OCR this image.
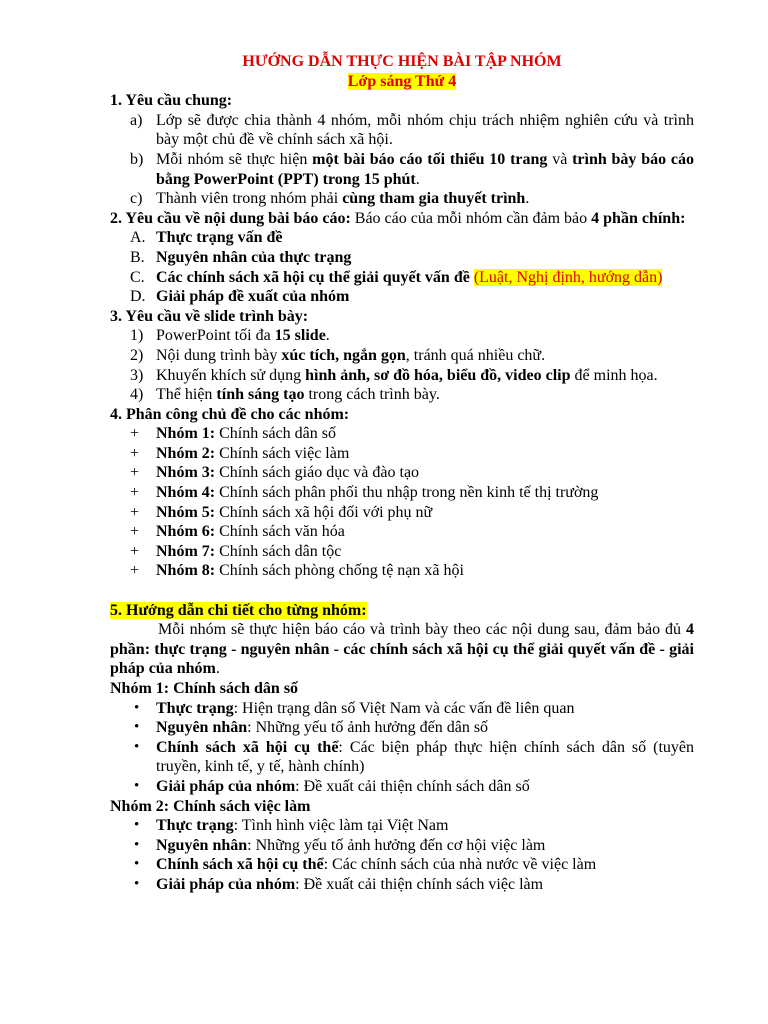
HƯỚNG DẪN THỰC HIỆN BÀI TẬP NHÓM
Lớp sáng Thứ 4
1. Yêu cầu chung:
a) Lớp sẽ được chia thành 4 nhóm, mỗi nhóm chịu trách nhiệm nghiên cứu và trình bày một chủ đề về chính sách xã hội.
b) Mỗi nhóm sẽ thực hiện một bài báo cáo tối thiểu 10 trang và trình bày báo cáo bằng PowerPoint (PPT) trong 15 phút.
c) Thành viên trong nhóm phải cùng tham gia thuyết trình.
2. Yêu cầu về nội dung bài báo cáo: Báo cáo của mỗi nhóm cần đảm bảo 4 phần chính:
A. Thực trạng vấn đề
B. Nguyên nhân của thực trạng
C. Các chính sách xã hội cụ thể giải quyết vấn đề (Luật, Nghị định, hướng dẫn)
D. Giải pháp đề xuất của nhóm
3. Yêu cầu về slide trình bày:
1) PowerPoint tối đa 15 slide.
2) Nội dung trình bày xúc tích, ngắn gọn, tránh quá nhiều chữ.
3) Khuyến khích sử dụng hình ảnh, sơ đồ hóa, biểu đồ, video clip để minh họa.
4) Thể hiện tính sáng tạo trong cách trình bày.
4. Phân công chủ đề cho các nhóm:
+	Nhóm 1: Chính sách dân số
+	Nhóm 2: Chính sách việc làm
+	Nhóm 3: Chính sách giáo dục và đào tạo
+	Nhóm 4: Chính sách phân phối thu nhập trong nền kinh tế thị trường
+	Nhóm 5: Chính sách xã hội đối với phụ nữ
+	Nhóm 6: Chính sách văn hóa
+	Nhóm 7: Chính sách dân tộc
+	Nhóm 8: Chính sách phòng chống tệ nạn xã hội
5. Hướng dẫn chi tiết cho từng nhóm:
Mỗi nhóm sẽ thực hiện báo cáo và trình bày theo các nội dung sau, đảm bảo đủ 4 phần: thực trạng - nguyên nhân - các chính sách xã hội cụ thể giải quyết vấn đề - giải pháp của nhóm.
Nhóm 1: Chính sách dân số
•	Thực trạng: Hiện trạng dân số Việt Nam và các vấn đề liên quan
•	Nguyên nhân: Những yếu tố ảnh hưởng đến dân số
•	Chính sách xã hội cụ thể: Các biện pháp thực hiện chính sách dân số (tuyên truyền, kinh tế, y tế, hành chính)
•	Giải pháp của nhóm: Đề xuất cải thiện chính sách dân số
Nhóm 2: Chính sách việc làm
•	Thực trạng: Tình hình việc làm tại Việt Nam
•	Nguyên nhân: Những yếu tố ảnh hưởng đến cơ hội việc làm
•	Chính sách xã hội cụ thể: Các chính sách của nhà nước về việc làm
•	Giải pháp của nhóm: Đề xuất cải thiện chính sách việc làm
